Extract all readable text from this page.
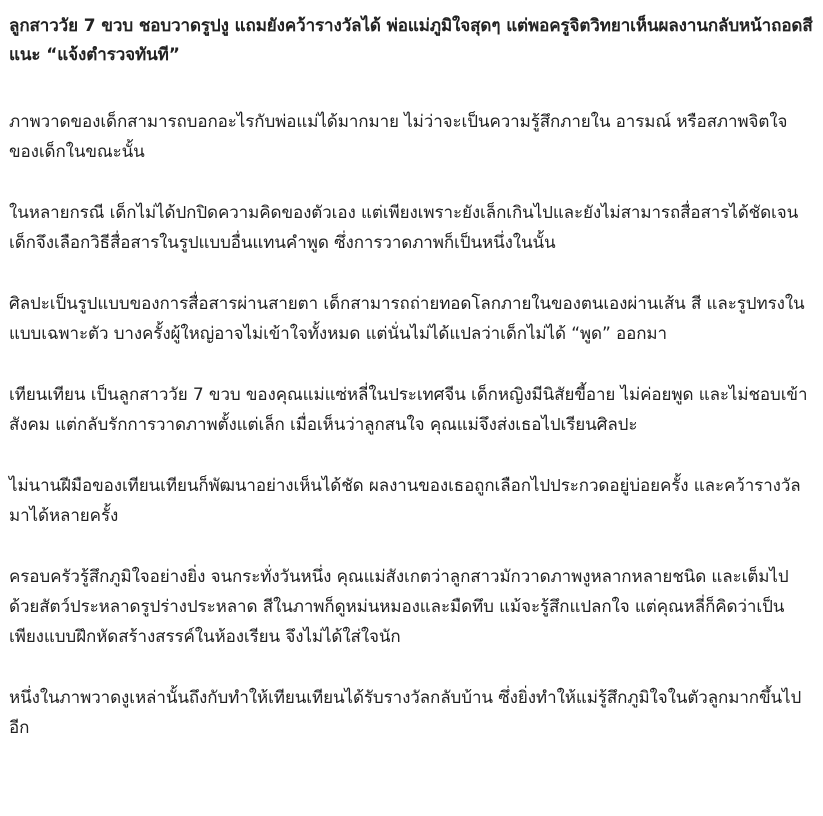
ลูกสาววัย 7 ขวบ ชอบวาดรูปงู แถมยังคว้ารางวัลได้ พ่อแม่ภูมิใจสุดๆ แต่พอครูจิตวิทยาเห็นผลงานกลับหน้าถอดสี แนะ “แจ้งตำรวจทันที”

ภาพวาดของเด็กสามารถบอกอะไรกับพ่อแม่ได้มากมาย ไม่ว่าจะเป็นความรู้สึกภายใน อารมณ์ หรือสภาพจิตใจของเด็กในขณะนั้น

ในหลายกรณี เด็กไม่ได้ปกปิดความคิดของตัวเอง แต่เพียงเพราะยังเล็กเกินไปและยังไม่สามารถสื่อสารได้ชัดเจน เด็กจึงเลือกวิธีสื่อสารในรูปแบบอื่นแทนคำพูด ซึ่งการวาดภาพก็เป็นหนึ่งในนั้น

ศิลปะเป็นรูปแบบของการสื่อสารผ่านสายตา เด็กสามารถถ่ายทอดโลกภายในของตนเองผ่านเส้น สี และรูปทรงในแบบเฉพาะตัว บางครั้งผู้ใหญ่อาจไม่เข้าใจทั้งหมด แต่นั่นไม่ได้แปลว่าเด็กไม่ได้ “พูด” ออกมา

เทียนเทียน เป็นลูกสาววัย 7 ขวบ ของคุณแม่แซ่หลี่ในประเทศจีน เด็กหญิงมีนิสัยขี้อาย ไม่ค่อยพูด และไม่ชอบเข้าสังคม แต่กลับรักการวาดภาพตั้งแต่เล็ก เมื่อเห็นว่าลูกสนใจ คุณแม่จึงส่งเธอไปเรียนศิลปะ

ไม่นานฝีมือของเทียนเทียนก็พัฒนาอย่างเห็นได้ชัด ผลงานของเธอถูกเลือกไปประกวดอยู่บ่อยครั้ง และคว้ารางวัลมาได้หลายครั้ง

ครอบครัวรู้สึกภูมิใจอย่างยิ่ง จนกระทั่งวันหนึ่ง คุณแม่สังเกตว่าลูกสาวมักวาดภาพงูหลากหลายชนิด และเต็มไปด้วยสัตว์ประหลาดรูปร่างประหลาด สีในภาพก็ดูหม่นหมองและมืดทึบ แม้จะรู้สึกแปลกใจ แต่คุณหลี่ก็คิดว่าเป็นเพียงแบบฝึกหัดสร้างสรรค์ในห้องเรียน จึงไม่ได้ใส่ใจนัก

หนึ่งในภาพวาดงูเหล่านั้นถึงกับทำให้เทียนเทียนได้รับรางวัลกลับบ้าน ซึ่งยิ่งทำให้แม่รู้สึกภูมิใจในตัวลูกมากขึ้นไปอีก
